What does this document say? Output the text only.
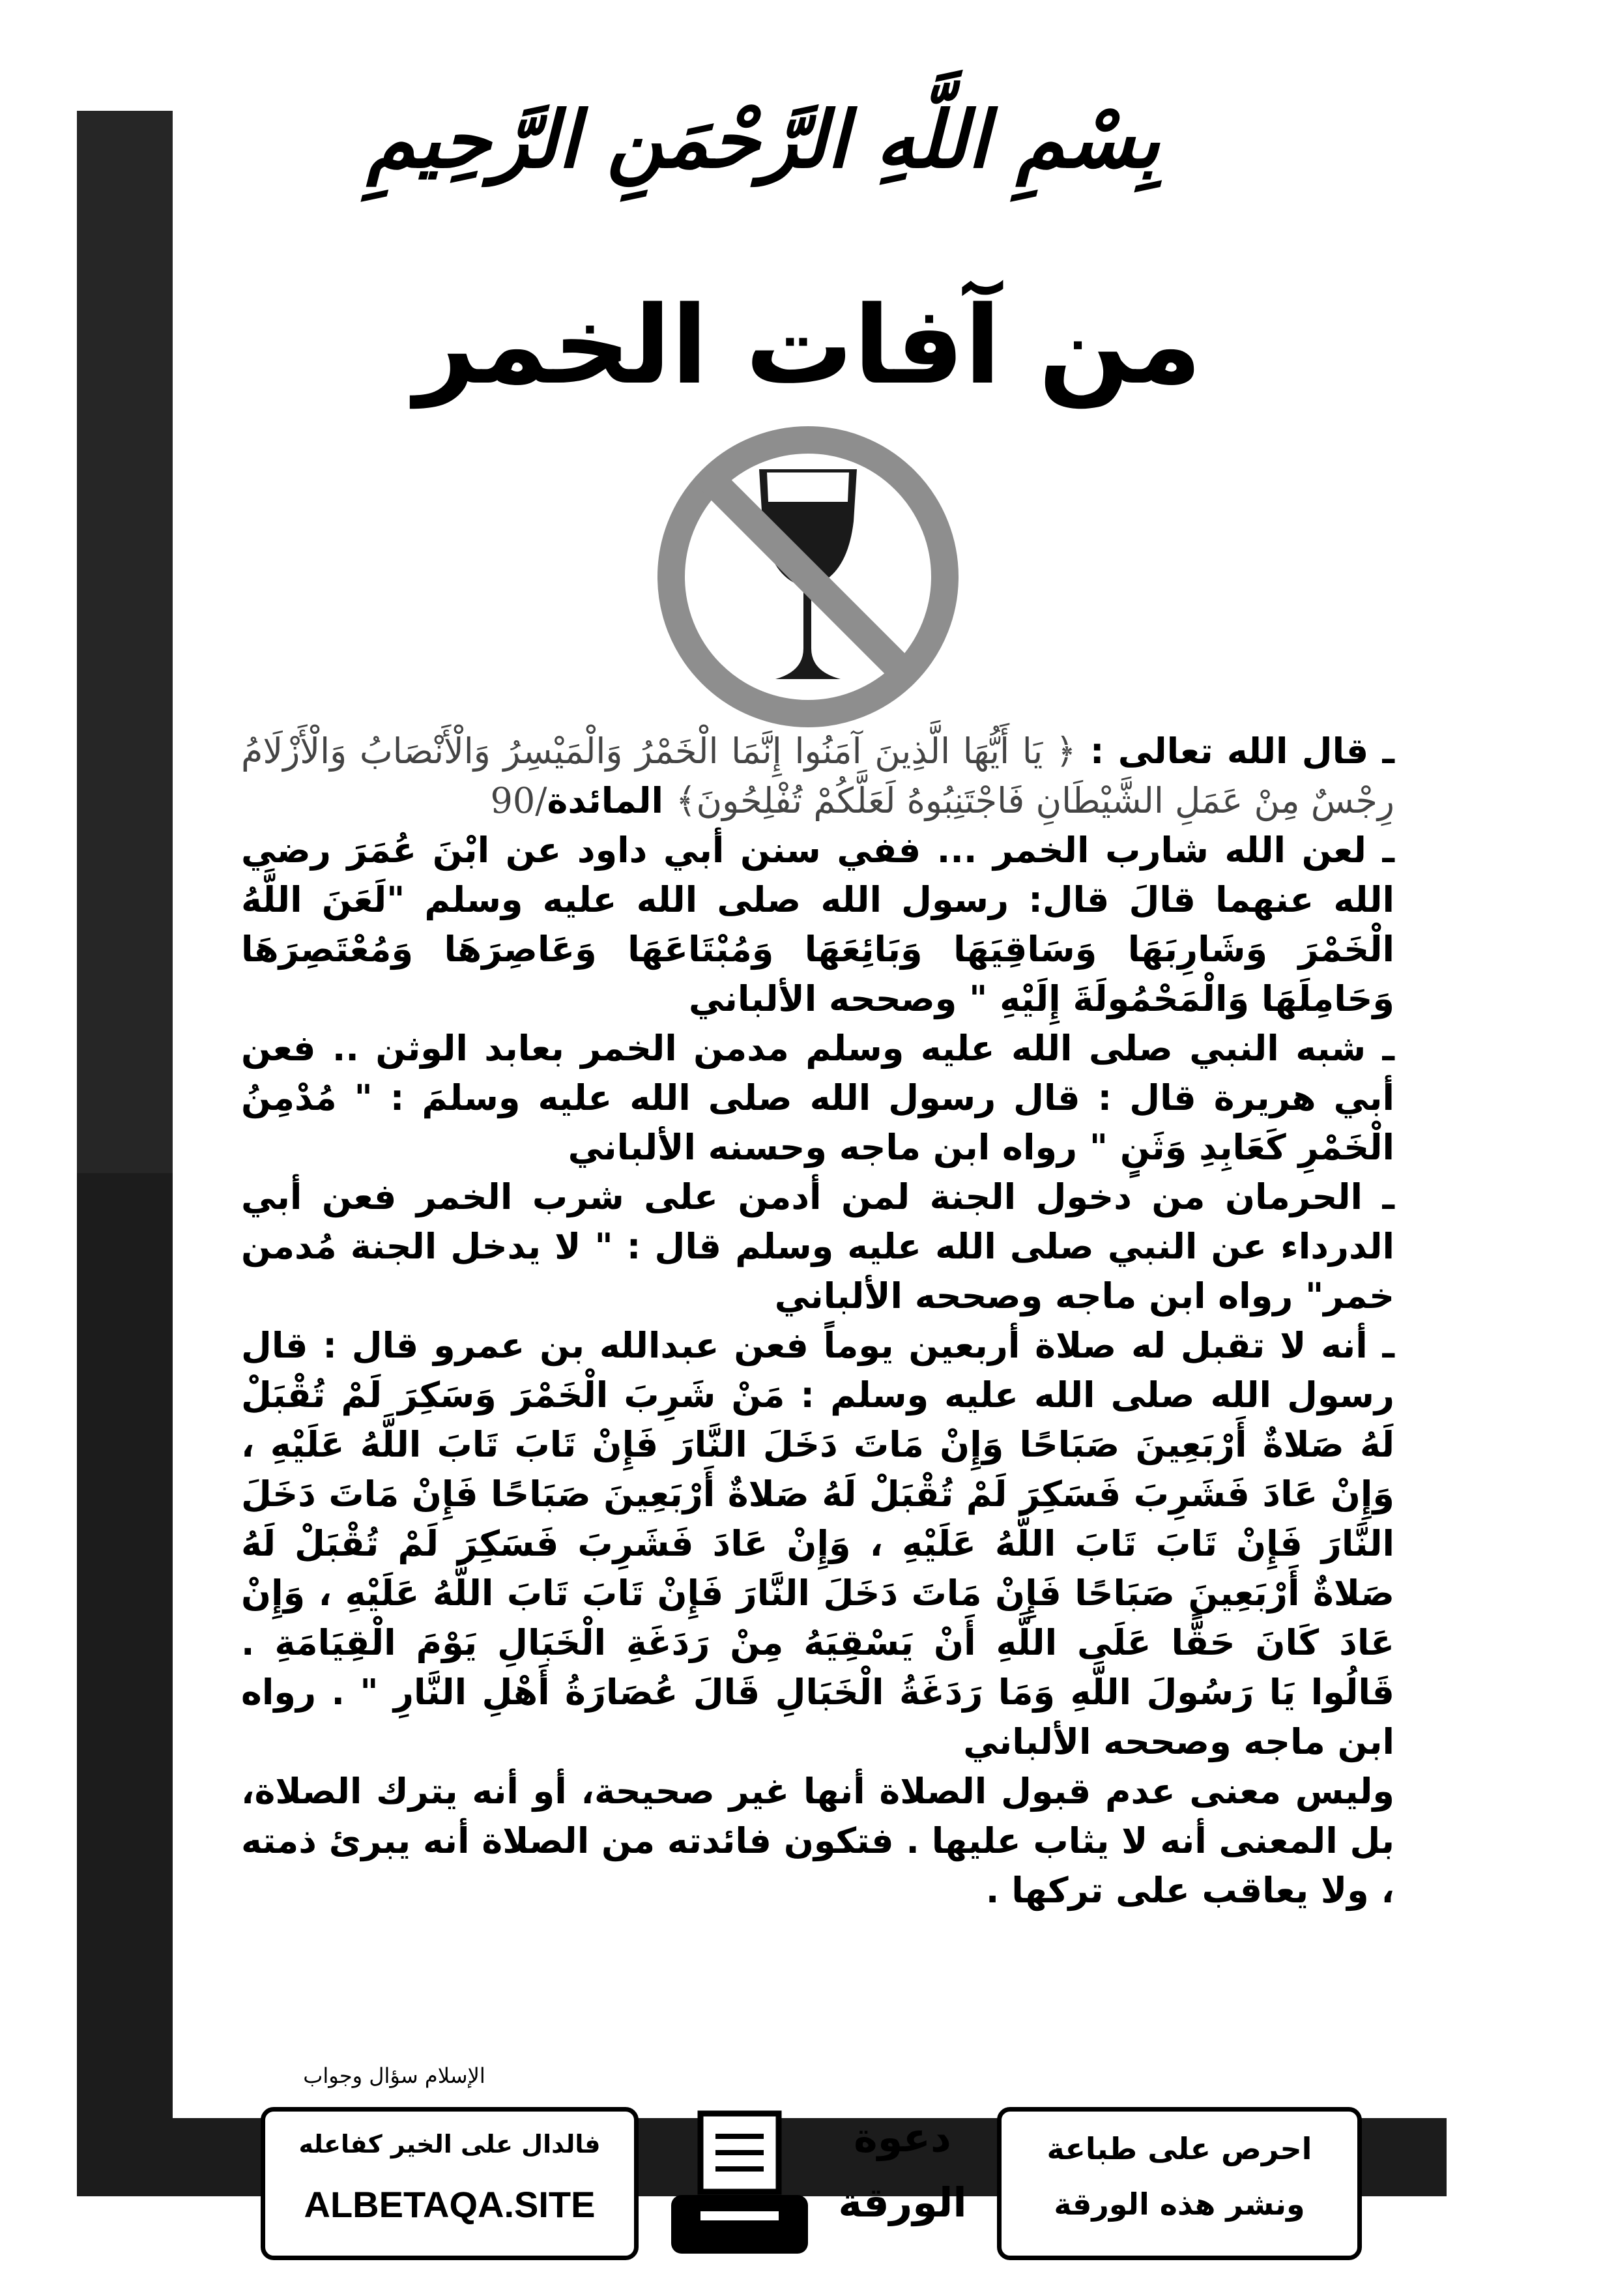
بِسْمِ اللَّهِ الرَّحْمَنِ الرَّحِيمِ
من آفات الخمر

ـ قال الله تعالى : ﴿ يَا أَيُّهَا الَّذِينَ آمَنُوا إِنَّمَا الْخَمْرُ وَالْمَيْسِرُ وَالْأَنْصَابُ وَالْأَزْلَامُ رِجْسٌ مِنْ عَمَلِ الشَّيْطَانِ فَاجْتَنِبُوهُ لَعَلَّكُمْ تُفْلِحُونَ﴾ المائدة/90

ـ لعن الله شارب الخمر ... ففي سنن أبي داود عن ابْنَ عُمَرَ رضي الله عنهما قالَ قال: رسول الله صلى الله عليه وسلم "لَعَنَ اللَّهُ الْخَمْرَ وَشَارِبَهَا وَسَاقِيَهَا وَبَائِعَهَا وَمُبْتَاعَهَا وَعَاصِرَهَا وَمُعْتَصِرَهَا وَحَامِلَهَا وَالْمَحْمُولَةَ إِلَيْهِ " وصححه الألباني

ـ شبه النبي صلى الله عليه وسلم مدمن الخمر بعابد الوثن .. فعن أبي هريرة قال : قال رسول الله صلى الله عليه وسلمَ : " مُدْمِنُ الْخَمْرِ كَعَابِدِ وَثَنٍ " رواه ابن ماجه وحسنه الألباني

ـ الحرمان من دخول الجنة لمن أدمن على شرب الخمر فعن أبي الدرداء عن النبي صلى الله عليه وسلم قال : " لا يدخل الجنة مُدمن خمر" رواه ابن ماجه وصححه الألباني

ـ أنه لا تقبل له صلاة أربعين يوماً فعن عبدالله بن عمرو قال : قال رسول الله صلى الله عليه وسلم : مَنْ شَرِبَ الْخَمْرَ وَسَكِرَ لَمْ تُقْبَلْ لَهُ صَلاةٌ أَرْبَعِينَ صَبَاحًا وَإِنْ مَاتَ دَخَلَ النَّارَ فَإِنْ تَابَ تَابَ اللَّهُ عَلَيْهِ ، وَإِنْ عَادَ فَشَرِبَ فَسَكِرَ لَمْ تُقْبَلْ لَهُ صَلاةٌ أَرْبَعِينَ صَبَاحًا فَإِنْ مَاتَ دَخَلَ النَّارَ فَإِنْ تَابَ تَابَ اللَّهُ عَلَيْهِ ، وَإِنْ عَادَ فَشَرِبَ فَسَكِرَ لَمْ تُقْبَلْ لَهُ صَلاةٌ أَرْبَعِينَ صَبَاحًا فَإِنْ مَاتَ دَخَلَ النَّارَ فَإِنْ تَابَ تَابَ اللَّهُ عَلَيْهِ ، وَإِنْ عَادَ كَانَ حَقًّا عَلَى اللَّهِ أَنْ يَسْقِيَهُ مِنْ رَدَغَةِ الْخَبَالِ يَوْمَ الْقِيَامَةِ . قَالُوا يَا رَسُولَ اللَّهِ وَمَا رَدَغَةُ الْخَبَالِ قَالَ عُصَارَةُ أَهْلِ النَّارِ " . رواه ابن ماجه وصححه الألباني

وليس معنى عدم قبول الصلاة أنها غير صحيحة، أو أنه يترك الصلاة، بل المعنى أنه لا يثاب عليها . فتكون فائدته من الصلاة أنه يبرئ ذمته ، ولا يعاقب على تركها .

الإسلام سؤال وجواب
فالدال على الخير كفاعله
ALBETAQA.SITE
دعوة
الورقة
احرص على طباعة
ونشر هذه الورقة
